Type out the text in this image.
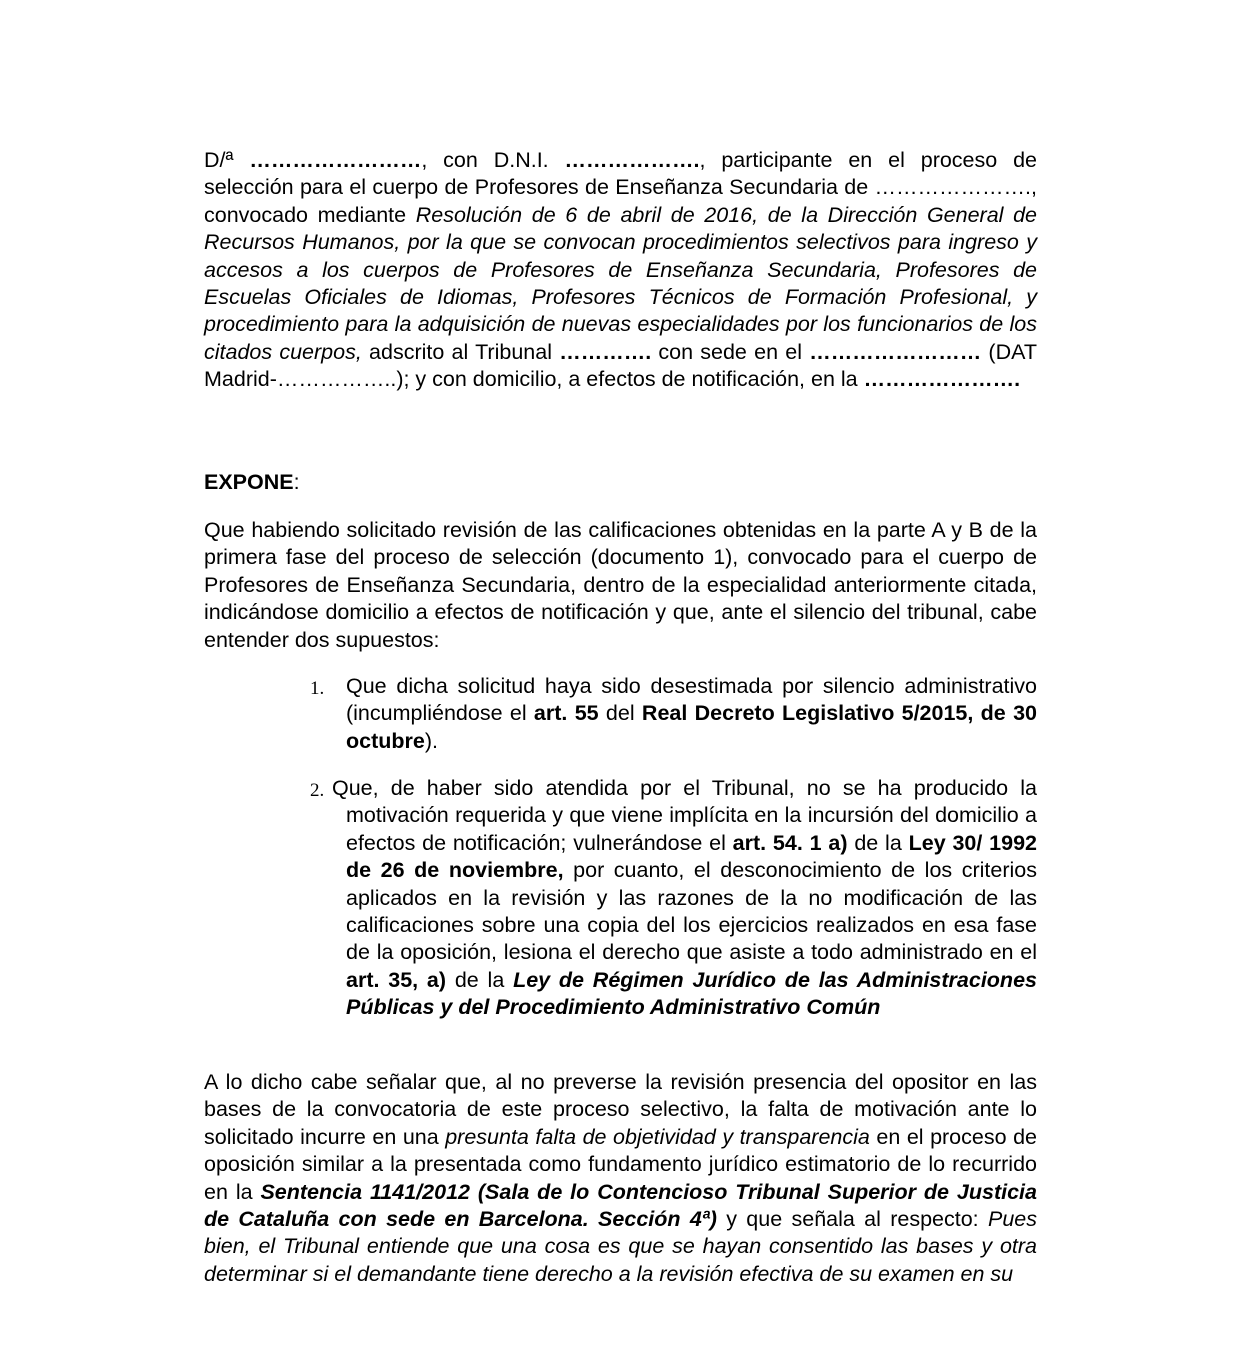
D/ª ……………………, con D.N.I. ………………., participante en el proceso de selección para el cuerpo de Profesores de Enseñanza Secundaria de …………………., convocado mediante Resolución de 6 de abril de 2016, de la Dirección General de Recursos Humanos, por la que se convocan procedimientos selectivos para ingreso y accesos a los cuerpos de Profesores de Enseñanza Secundaria, Profesores de Escuelas Oficiales de Idiomas, Profesores Técnicos de Formación Profesional, y procedimiento para la adquisición de nuevas especialidades por los funcionarios de los citados cuerpos, adscrito al Tribunal …………. con sede en el …………………… (DAT Madrid-……………..); y con domicilio, a efectos de notificación, en la ………………….
EXPONE:
Que habiendo solicitado revisión de las calificaciones obtenidas en la parte A y B de la primera fase del proceso de selección (documento 1), convocado para el cuerpo de Profesores de Enseñanza Secundaria, dentro de la especialidad anteriormente citada, indicándose domicilio a efectos de notificación y que, ante el silencio del tribunal, cabe entender dos supuestos:
1. Que dicha solicitud haya sido desestimada por silencio administrativo (incumpliéndose el art. 55 del Real Decreto Legislativo 5/2015, de 30 octubre).
2. Que, de haber sido atendida por el Tribunal, no se ha producido la motivación requerida y que viene implícita en la incursión del domicilio a efectos de notificación; vulnerándose el art. 54. 1 a) de la Ley 30/ 1992 de 26 de noviembre, por cuanto, el desconocimiento de los criterios aplicados en la revisión y las razones de la no modificación de las calificaciones sobre una copia del los ejercicios realizados en esa fase de la oposición, lesiona el derecho que asiste a todo administrado en el art. 35, a) de la Ley de Régimen Jurídico de las Administraciones Públicas y del Procedimiento Administrativo Común
A lo dicho cabe señalar que, al no preverse la revisión presencia del opositor en las bases de la convocatoria de este proceso selectivo, la falta de motivación ante lo solicitado incurre en una presunta falta de objetividad y transparencia en el proceso de oposición similar a la presentada como fundamento jurídico estimatorio de lo recurrido en la Sentencia 1141/2012 (Sala de lo Contencioso Tribunal Superior de Justicia de Cataluña con sede en Barcelona. Sección 4ª) y que señala al respecto: Pues bien, el Tribunal entiende que una cosa es que se hayan consentido las bases y otra determinar si el demandante tiene derecho a la revisión efectiva de su examen en su
